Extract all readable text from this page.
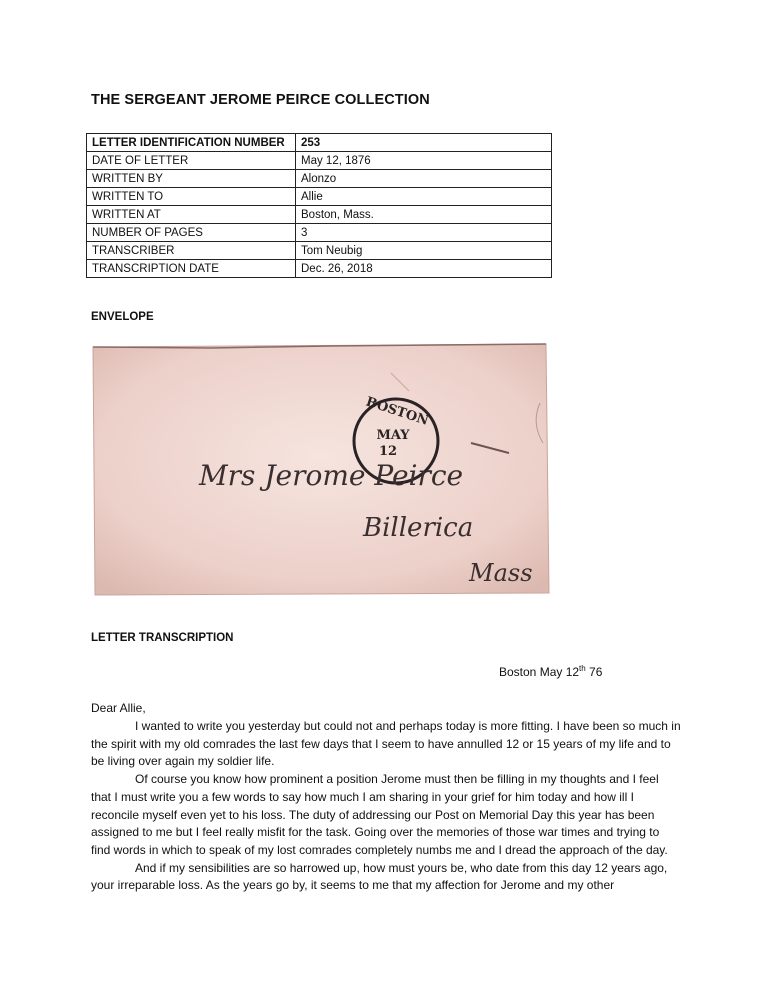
THE SERGEANT JEROME PEIRCE COLLECTION
LETTER IDENTIFICATION NUMBER	253
DATE OF LETTER	May 12, 1876
WRITTEN BY	Alonzo
WRITTEN TO	Allie
WRITTEN AT	Boston, Mass.
NUMBER OF PAGES	3
TRANSCRIBER	Tom Neubig
TRANSCRIPTION DATE	Dec. 26, 2018
ENVELOPE
BOSTON
MAY
12
Mrs Jerome Peirce
Billerica
Mass
LETTER TRANSCRIPTION
Boston May 12th 76
Dear Allie,

I wanted to write you yesterday but could not and perhaps today is more fitting. I have been so much in the spirit with my old comrades the last few days that I seem to have annulled 12 or 15 years of my life and to be living over again my soldier life.

Of course you know how prominent a position Jerome must then be filling in my thoughts and I feel that I must write you a few words to say how much I am sharing in your grief for him today and how ill I reconcile myself even yet to his loss. The duty of addressing our Post on Memorial Day this year has been assigned to me but I feel really misfit for the task. Going over the memories of those war times and trying to find words in which to speak of my lost comrades completely numbs me and I dread the approach of the day.

And if my sensibilities are so harrowed up, how must yours be, who date from this day 12 years ago, your irreparable loss. As the years go by, it seems to me that my affection for Jerome and my other
